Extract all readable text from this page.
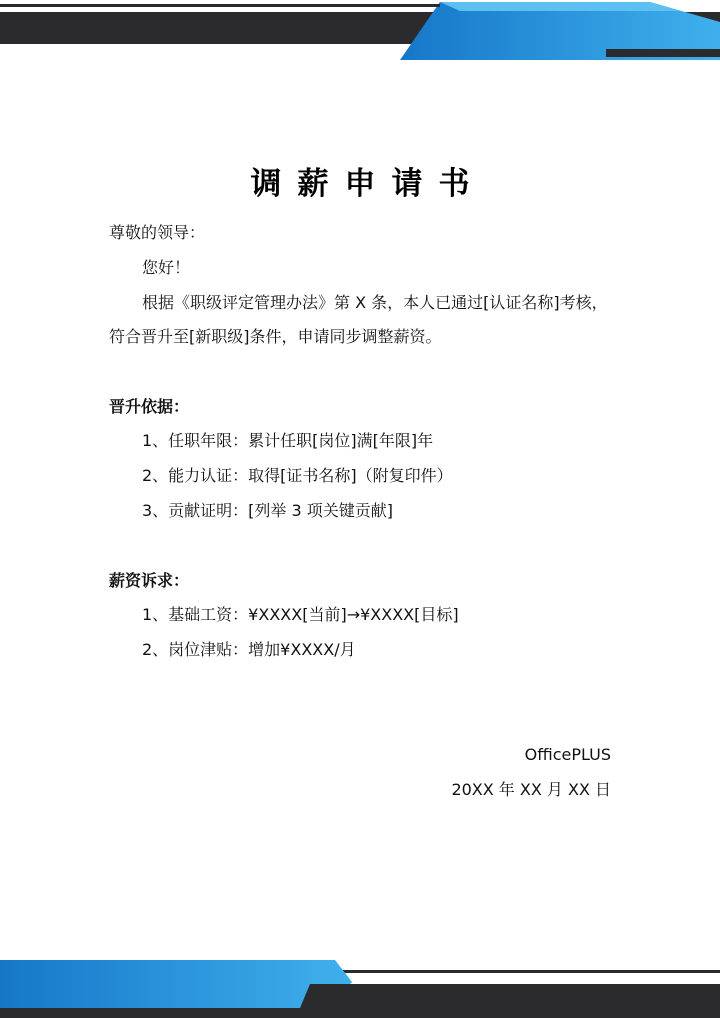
调薪申请书
尊敬的领导：
您好！
根据《职级评定管理办法》第 X 条，本人已通过[认证名称]考核，
符合晋升至[新职级]条件，申请同步调整薪资。
晋升依据：
1、任职年限：累计任职[岗位]满[年限]年
2、能力认证：取得[证书名称]（附复印件）
3、贡献证明：[列举 3 项关键贡献]
薪资诉求：
1、基础工资：¥XXXX[当前]→¥XXXX[目标]
2、岗位津贴：增加¥XXXX/月
OfficePLUS
20XX 年 XX 月 XX 日
